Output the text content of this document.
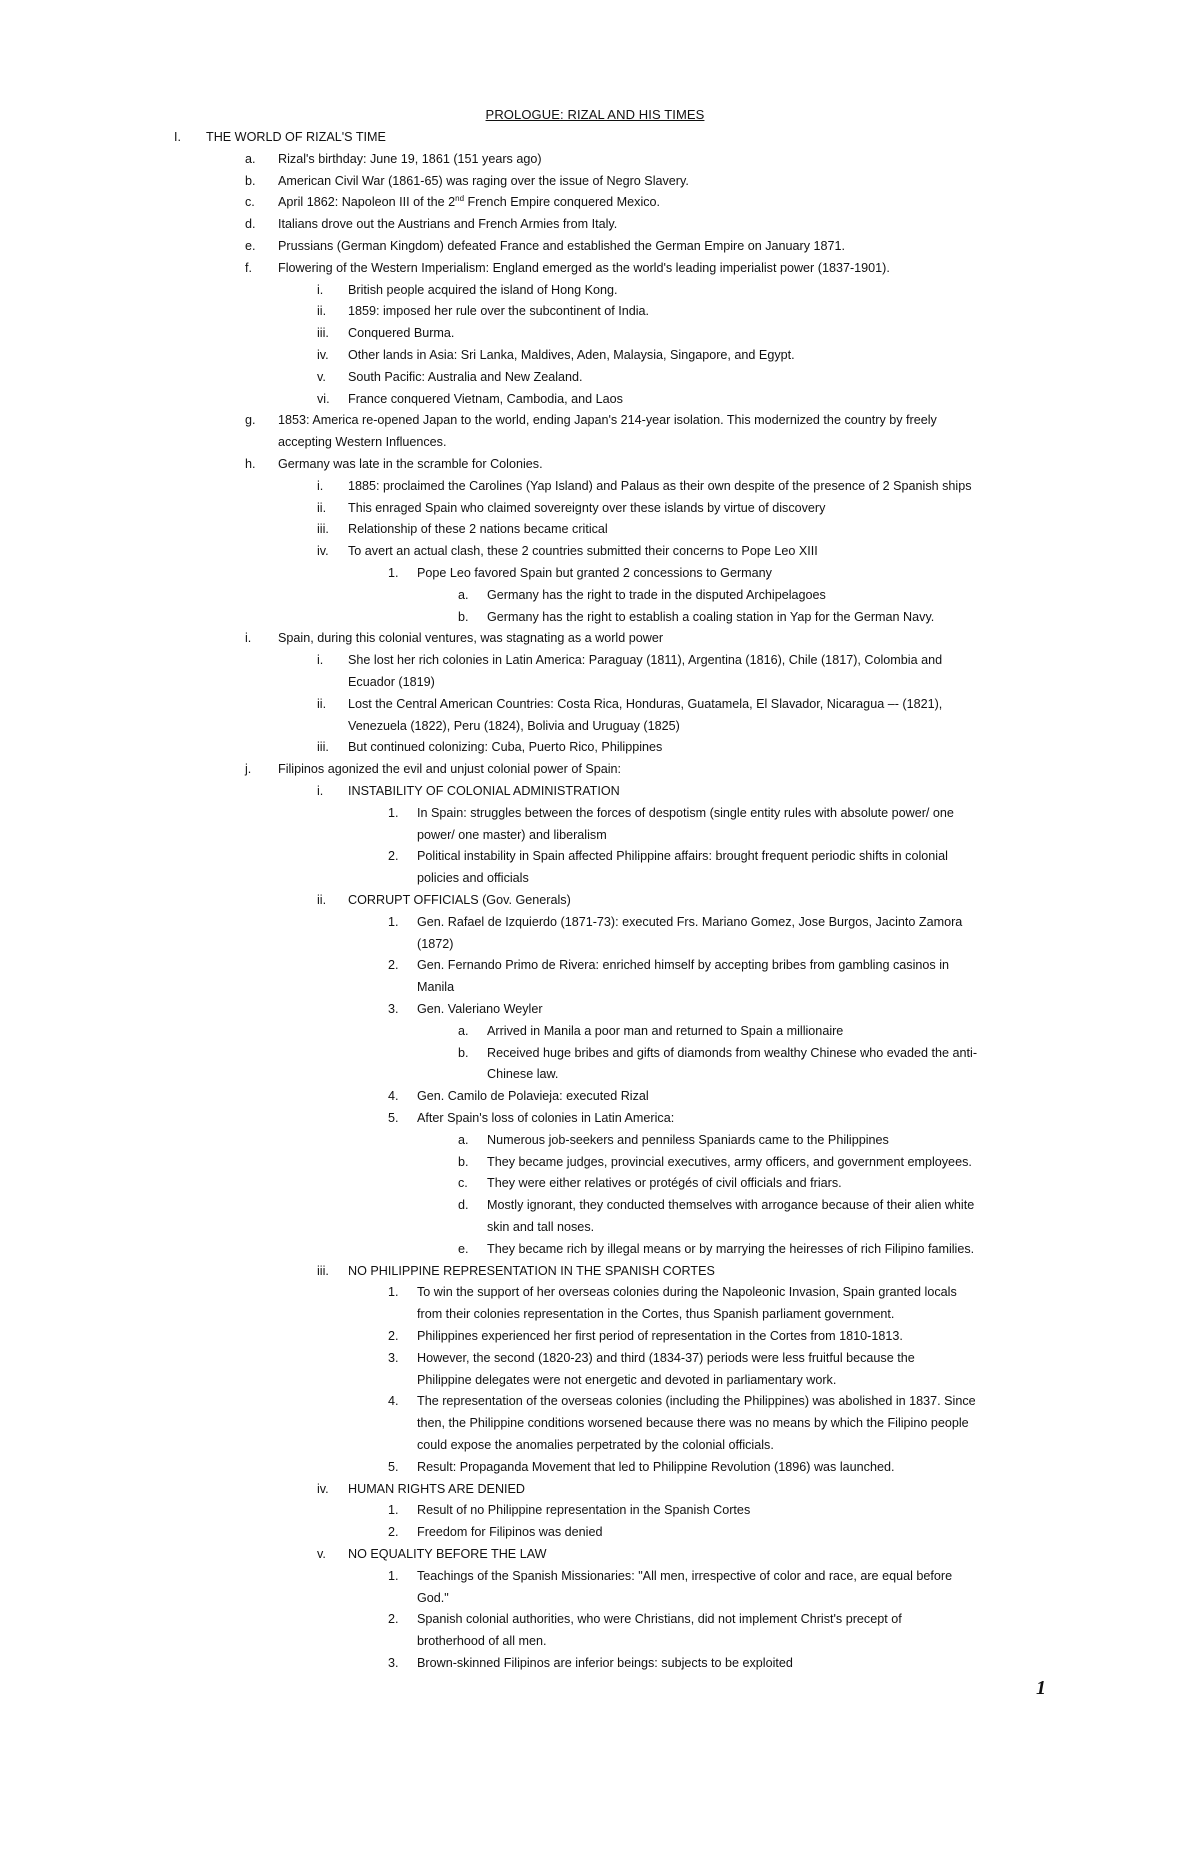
PROLOGUE: RIZAL AND HIS TIMES
I. THE WORLD OF RIZAL'S TIME
a. Rizal's birthday: June 19, 1861 (151 years ago)
b. American Civil War (1861-65) was raging over the issue of Negro Slavery.
c. April 1862: Napoleon III of the 2nd French Empire conquered Mexico.
d. Italians drove out the Austrians and French Armies from Italy.
e. Prussians (German Kingdom) defeated France and established the German Empire on January 1871.
f. Flowering of the Western Imperialism: England emerged as the world's leading imperialist power (1837-1901).
i. British people acquired the island of Hong Kong.
ii. 1859: imposed her rule over the subcontinent of India.
iii. Conquered Burma.
iv. Other lands in Asia: Sri Lanka, Maldives, Aden, Malaysia, Singapore, and Egypt.
v. South Pacific: Australia and New Zealand.
vi. France conquered Vietnam, Cambodia, and Laos
g. 1853: America re-opened Japan to the world, ending Japan's 214-year isolation. This modernized the country by freely
accepting Western Influences.
h. Germany was late in the scramble for Colonies.
i. 1885: proclaimed the Carolines (Yap Island) and Palaus as their own despite of the presence of 2 Spanish ships
ii. This enraged Spain who claimed sovereignty over these islands by virtue of discovery
iii. Relationship of these 2 nations became critical
iv. To avert an actual clash, these 2 countries submitted their concerns to Pope Leo XIII
1. Pope Leo favored Spain but granted 2 concessions to Germany
a. Germany has the right to trade in the disputed Archipelagoes
b. Germany has the right to establish a coaling station in Yap for the German Navy.
i. Spain, during this colonial ventures, was stagnating as a world power
i. She lost her rich colonies in Latin America: Paraguay (1811), Argentina (1816), Chile (1817), Colombia and
Ecuador (1819)
ii. Lost the Central American Countries: Costa Rica, Honduras, Guatamela, El Slavador, Nicaragua –- (1821),
Venezuela (1822), Peru (1824), Bolivia and Uruguay (1825)
iii. But continued colonizing: Cuba, Puerto Rico, Philippines
j. Filipinos agonized the evil and unjust colonial power of Spain:
i. INSTABILITY OF COLONIAL ADMINISTRATION
1. In Spain: struggles between the forces of despotism (single entity rules with absolute power/ one
power/ one master) and liberalism
2. Political instability in Spain affected Philippine affairs: brought frequent periodic shifts in colonial
policies and officials
ii. CORRUPT OFFICIALS (Gov. Generals)
1. Gen. Rafael de Izquierdo (1871-73): executed Frs. Mariano Gomez, Jose Burgos, Jacinto Zamora
(1872)
2. Gen. Fernando Primo de Rivera: enriched himself by accepting bribes from gambling casinos in
Manila
3. Gen. Valeriano Weyler
a. Arrived in Manila a poor man and returned to Spain a millionaire
b. Received huge bribes and gifts of diamonds from wealthy Chinese who evaded the anti-
Chinese law.
4. Gen. Camilo de Polavieja: executed Rizal
5. After Spain's loss of colonies in Latin America:
a. Numerous job-seekers and penniless Spaniards came to the Philippines
b. They became judges, provincial executives, army officers, and government employees.
c. They were either relatives or protégés of civil officials and friars.
d. Mostly ignorant, they conducted themselves with arrogance because of their alien white
skin and tall noses.
e. They became rich by illegal means or by marrying the heiresses of rich Filipino families.
iii. NO PHILIPPINE REPRESENTATION IN THE SPANISH CORTES
1. To win the support of her overseas colonies during the Napoleonic Invasion, Spain granted locals
from their colonies representation in the Cortes, thus Spanish parliament government.
2. Philippines experienced her first period of representation in the Cortes from 1810-1813.
3. However, the second (1820-23) and third (1834-37) periods were less fruitful because the
Philippine delegates were not energetic and devoted in parliamentary work.
4. The representation of the overseas colonies (including the Philippines) was abolished in 1837. Since
then, the Philippine conditions worsened because there was no means by which the Filipino people
could expose the anomalies perpetrated by the colonial officials.
5. Result: Propaganda Movement that led to Philippine Revolution (1896) was launched.
iv. HUMAN RIGHTS ARE DENIED
1. Result of no Philippine representation in the Spanish Cortes
2. Freedom for Filipinos was denied
v. NO EQUALITY BEFORE THE LAW
1. Teachings of the Spanish Missionaries: "All men, irrespective of color and race, are equal before
God."
2. Spanish colonial authorities, who were Christians, did not implement Christ's precept of
brotherhood of all men.
3. Brown-skinned Filipinos are inferior beings: subjects to be exploited
1
